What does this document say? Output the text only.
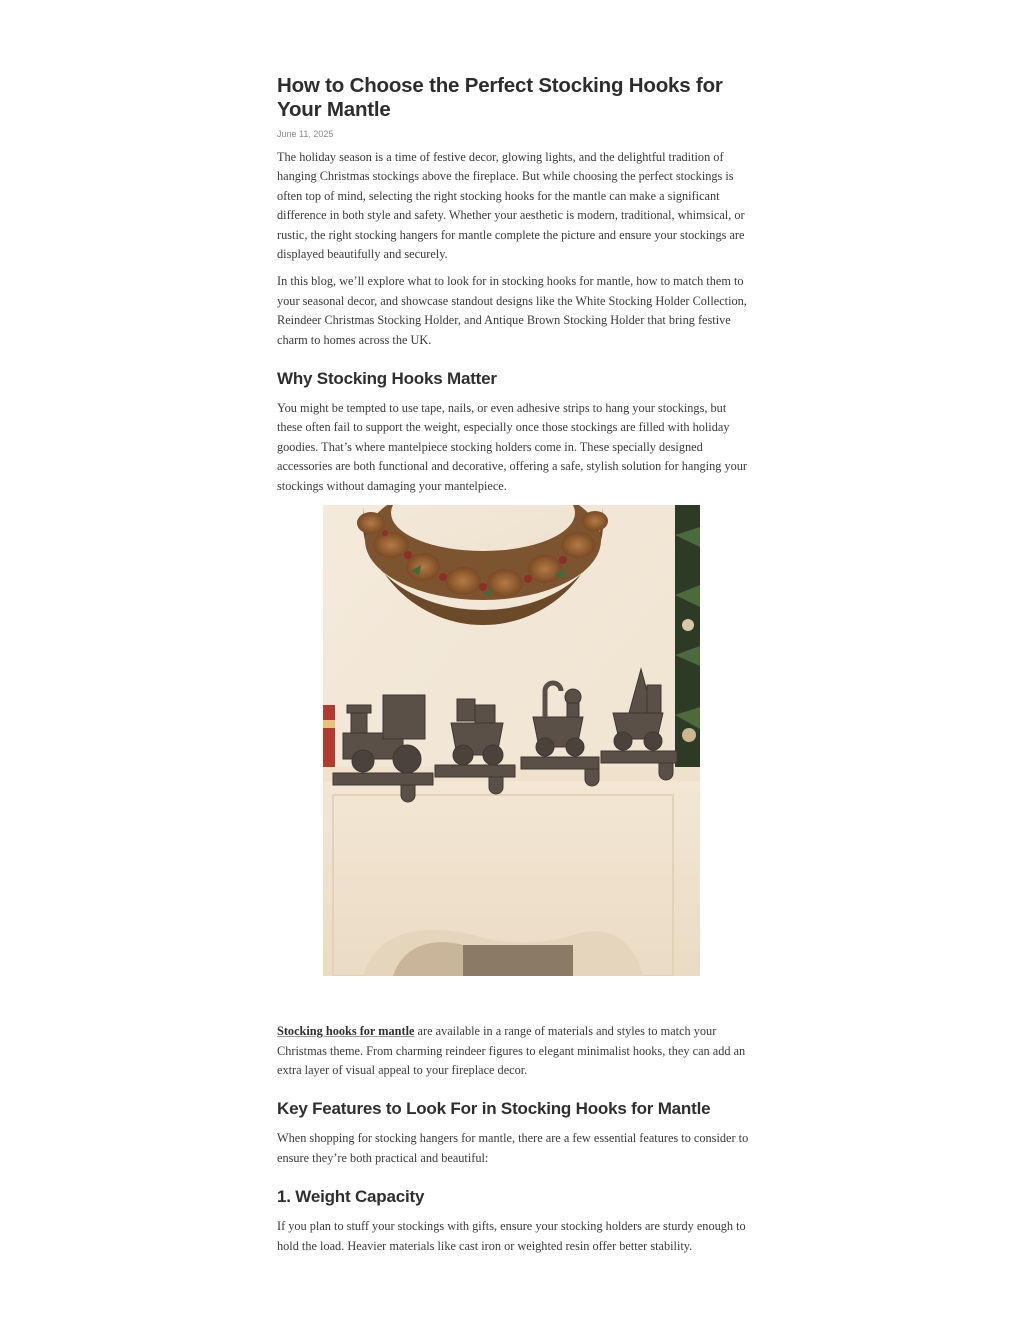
How to Choose the Perfect Stocking Hooks for Your Mantle
June 11, 2025

The holiday season is a time of festive decor, glowing lights, and the delightful tradition of hanging Christmas stockings above the fireplace. But while choosing the perfect stockings is often top of mind, selecting the right stocking hooks for the mantle can make a significant difference in both style and safety. Whether your aesthetic is modern, traditional, whimsical, or rustic, the right stocking hangers for mantle complete the picture and ensure your stockings are displayed beautifully and securely.

In this blog, we’ll explore what to look for in stocking hooks for mantle, how to match them to your seasonal decor, and showcase standout designs like the White Stocking Holder Collection, Reindeer Christmas Stocking Holder, and Antique Brown Stocking Holder that bring festive charm to homes across the UK.

Why Stocking Hooks Matter

You might be tempted to use tape, nails, or even adhesive strips to hang your stockings, but these often fail to support the weight, especially once those stockings are filled with holiday goodies. That’s where mantelpiece stocking holders come in. These specially designed accessories are both functional and decorative, offering a safe, stylish solution for hanging your stockings without damaging your mantelpiece.

Stocking hooks for mantle are available in a range of materials and styles to match your Christmas theme. From charming reindeer figures to elegant minimalist hooks, they can add an extra layer of visual appeal to your fireplace decor.

Key Features to Look For in Stocking Hooks for Mantle

When shopping for stocking hangers for mantle, there are a few essential features to consider to ensure they’re both practical and beautiful:

1. Weight Capacity

If you plan to stuff your stockings with gifts, ensure your stocking holders are sturdy enough to hold the load. Heavier materials like cast iron or weighted resin offer better stability.
